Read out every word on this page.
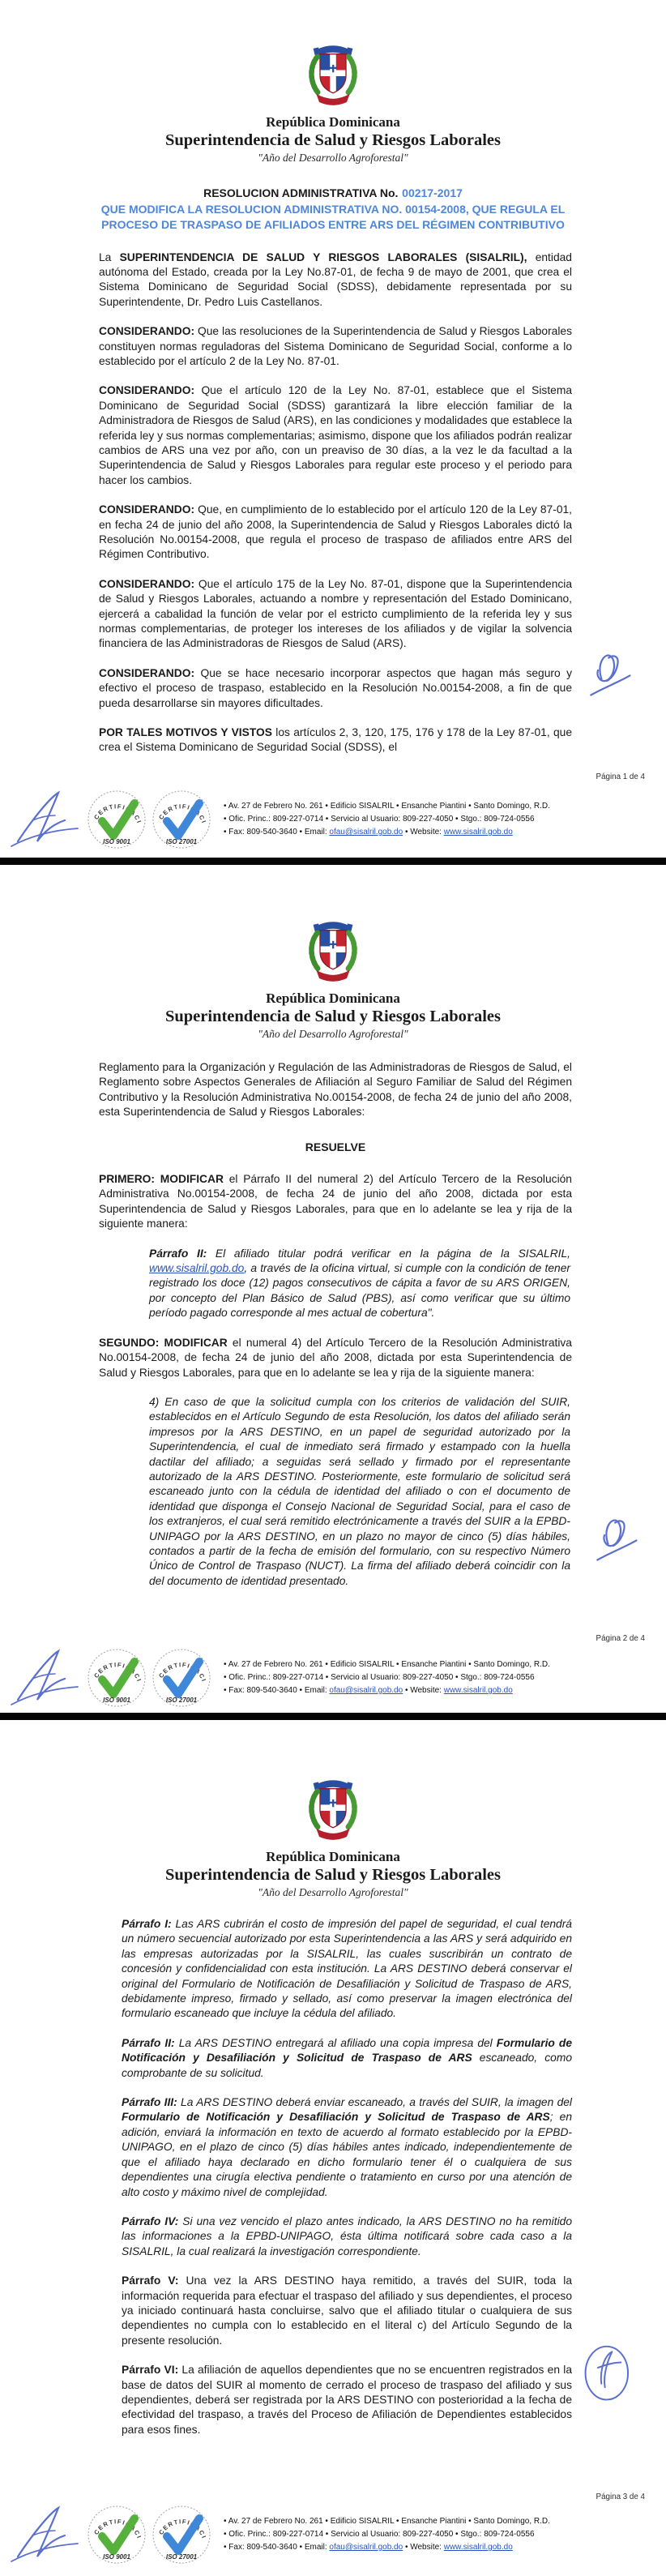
República Dominicana
Superintendencia de Salud y Riesgos Laborales
"Año del Desarrollo Agroforestal"
RESOLUCION ADMINISTRATIVA No. 00217-2017
QUE MODIFICA LA RESOLUCION ADMINISTRATIVA NO. 00154-2008, QUE REGULA EL PROCESO DE TRASPASO DE AFILIADOS ENTRE ARS DEL RÉGIMEN CONTRIBUTIVO

La SUPERINTENDENCIA DE SALUD Y RIESGOS LABORALES (SISALRIL), entidad autónoma del Estado, creada por la Ley No.87-01, de fecha 9 de mayo de 2001, que crea el Sistema Dominicano de Seguridad Social (SDSS), debidamente representada por su Superintendente, Dr. Pedro Luis Castellanos.

CONSIDERANDO: Que las resoluciones de la Superintendencia de Salud y Riesgos Laborales constituyen normas reguladoras del Sistema Dominicano de Seguridad Social, conforme a lo establecido por el artículo 2 de la Ley No. 87-01.

CONSIDERANDO: Que el artículo 120 de la Ley No. 87-01, establece que el Sistema Dominicano de Seguridad Social (SDSS) garantizará la libre elección familiar de la Administradora de Riesgos de Salud (ARS), en las condiciones y modalidades que establece la referida ley y sus normas complementarias; asimismo, dispone que los afiliados podrán realizar cambios de ARS una vez por año, con un preaviso de 30 días, a la vez le da facultad a la Superintendencia de Salud y Riesgos Laborales para regular este proceso y el periodo para hacer los cambios.

CONSIDERANDO: Que, en cumplimiento de lo establecido por el artículo 120 de la Ley 87-01, en fecha 24 de junio del año 2008, la Superintendencia de Salud y Riesgos Laborales dictó la Resolución No.00154-2008, que regula el proceso de traspaso de afiliados entre ARS del Régimen Contributivo.

CONSIDERANDO: Que el artículo 175 de la Ley No. 87-01, dispone que la Superintendencia de Salud y Riesgos Laborales, actuando a nombre y representación del Estado Dominicano, ejercerá a cabalidad la función de velar por el estricto cumplimiento de la referida ley y sus normas complementarias, de proteger los intereses de los afiliados y de vigilar la solvencia financiera de las Administradoras de Riesgos de Salud (ARS).

CONSIDERANDO: Que se hace necesario incorporar aspectos que hagan más seguro y efectivo el proceso de traspaso, establecido en la Resolución No.00154-2008, a fin de que pueda desarrollarse sin mayores dificultades.

POR TALES MOTIVOS Y VISTOS los artículos 2, 3, 120, 175, 176 y 178 de la Ley 87-01, que crea el Sistema Dominicano de Seguridad Social (SDSS), el

Página 1 de 4
• Av. 27 de Febrero No. 261 • Edificio SISALRIL • Ensanche Piantini • Santo Domingo, R.D.
• Ofic. Princ.: 809-227-0714 • Servicio al Usuario: 809-227-4050 • Stgo.: 809-724-0556
• Fax: 809-540-3640 • Email: ofau@sisalril.gob.do • Website: www.sisalril.gob.do
República Dominicana
Superintendencia de Salud y Riesgos Laborales
"Año del Desarrollo Agroforestal"

Reglamento para la Organización y Regulación de las Administradoras de Riesgos de Salud, el Reglamento sobre Aspectos Generales de Afiliación al Seguro Familiar de Salud del Régimen Contributivo y la Resolución Administrativa No.00154-2008, de fecha 24 de junio del año 2008, esta Superintendencia de Salud y Riesgos Laborales:

RESUELVE

PRIMERO: MODIFICAR el Párrafo II del numeral 2) del Artículo Tercero de la Resolución Administrativa No.00154-2008, de fecha 24 de junio del año 2008, dictada por esta Superintendencia de Salud y Riesgos Laborales, para que en lo adelante se lea y rija de la siguiente manera:

Párrafo II: El afiliado titular podrá verificar en la página de la SISALRIL, www.sisalril.gob.do, a través de la oficina virtual, si cumple con la condición de tener registrado los doce (12) pagos consecutivos de cápita a favor de su ARS ORIGEN, por concepto del Plan Básico de Salud (PBS), así como verificar que su último período pagado corresponde al mes actual de cobertura".

SEGUNDO: MODIFICAR el numeral 4) del Artículo Tercero de la Resolución Administrativa No.00154-2008, de fecha 24 de junio del año 2008, dictada por esta Superintendencia de Salud y Riesgos Laborales, para que en lo adelante se lea y rija de la siguiente manera:

4) En caso de que la solicitud cumpla con los criterios de validación del SUIR, establecidos en el Artículo Segundo de esta Resolución, los datos del afiliado serán impresos por la ARS DESTINO, en un papel de seguridad autorizado por la Superintendencia, el cual de inmediato será firmado y estampado con la huella dactilar del afiliado; a seguidas será sellado y firmado por el representante autorizado de la ARS DESTINO. Posteriormente, este formulario de solicitud será escaneado junto con la cédula de identidad del afiliado o con el documento de identidad que disponga el Consejo Nacional de Seguridad Social, para el caso de los extranjeros, el cual será remitido electrónicamente a través del SUIR a la EPBD-UNIPAGO por la ARS DESTINO, en un plazo no mayor de cinco (5) días hábiles, contados a partir de la fecha de emisión del formulario, con su respectivo Número Único de Control de Traspaso (NUCT). La firma del afiliado deberá coincidir con la del documento de identidad presentado.

Página 2 de 4
• Av. 27 de Febrero No. 261 • Edificio SISALRIL • Ensanche Piantini • Santo Domingo, R.D.
• Ofic. Princ.: 809-227-0714 • Servicio al Usuario: 809-227-4050 • Stgo.: 809-724-0556
• Fax: 809-540-3640 • Email: ofau@sisalril.gob.do • Website: www.sisalril.gob.do
República Dominicana
Superintendencia de Salud y Riesgos Laborales
"Año del Desarrollo Agroforestal"

Párrafo I: Las ARS cubrirán el costo de impresión del papel de seguridad, el cual tendrá un número secuencial autorizado por esta Superintendencia a las ARS y será adquirido en las empresas autorizadas por la SISALRIL, las cuales suscribirán un contrato de concesión y confidencialidad con esta institución. La ARS DESTINO deberá conservar el original del Formulario de Notificación de Desafiliación y Solicitud de Traspaso de ARS, debidamente impreso, firmado y sellado, así como preservar la imagen electrónica del formulario escaneado que incluye la cédula del afiliado.

Párrafo II: La ARS DESTINO entregará al afiliado una copia impresa del Formulario de Notificación y Desafiliación y Solicitud de Traspaso de ARS escaneado, como comprobante de su solicitud.

Párrafo III: La ARS DESTINO deberá enviar escaneado, a través del SUIR, la imagen del Formulario de Notificación y Desafiliación y Solicitud de Traspaso de ARS; en adición, enviará la información en texto de acuerdo al formato establecido por la EPBD-UNIPAGO, en el plazo de cinco (5) días hábiles antes indicado, independientemente de que el afiliado haya declarado en dicho formulario tener él o cualquiera de sus dependientes una cirugía electiva pendiente o tratamiento en curso por una atención de alto costo y máximo nivel de complejidad.

Párrafo IV: Si una vez vencido el plazo antes indicado, la ARS DESTINO no ha remitido las informaciones a la EPBD-UNIPAGO, ésta última notificará sobre cada caso a la SISALRIL, la cual realizará la investigación correspondiente.

Párrafo V: Una vez la ARS DESTINO haya remitido, a través del SUIR, toda la información requerida para efectuar el traspaso del afiliado y sus dependientes, el proceso ya iniciado continuará hasta concluirse, salvo que el afiliado titular o cualquiera de sus dependientes no cumpla con lo establecido en el literal c) del Artículo Segundo de la presente resolución.

Párrafo VI: La afiliación de aquellos dependientes que no se encuentren registrados en la base de datos del SUIR al momento de cerrado el proceso de traspaso del afiliado y sus dependientes, deberá ser registrada por la ARS DESTINO con posterioridad a la fecha de efectividad del traspaso, a través del Proceso de Afiliación de Dependientes establecidos para esos fines.

Página 3 de 4
• Av. 27 de Febrero No. 261 • Edificio SISALRIL • Ensanche Piantini • Santo Domingo, R.D.
• Ofic. Princ.: 809-227-0714 • Servicio al Usuario: 809-227-4050 • Stgo.: 809-724-0556
• Fax: 809-540-3640 • Email: ofau@sisalril.gob.do • Website: www.sisalril.gob.do
